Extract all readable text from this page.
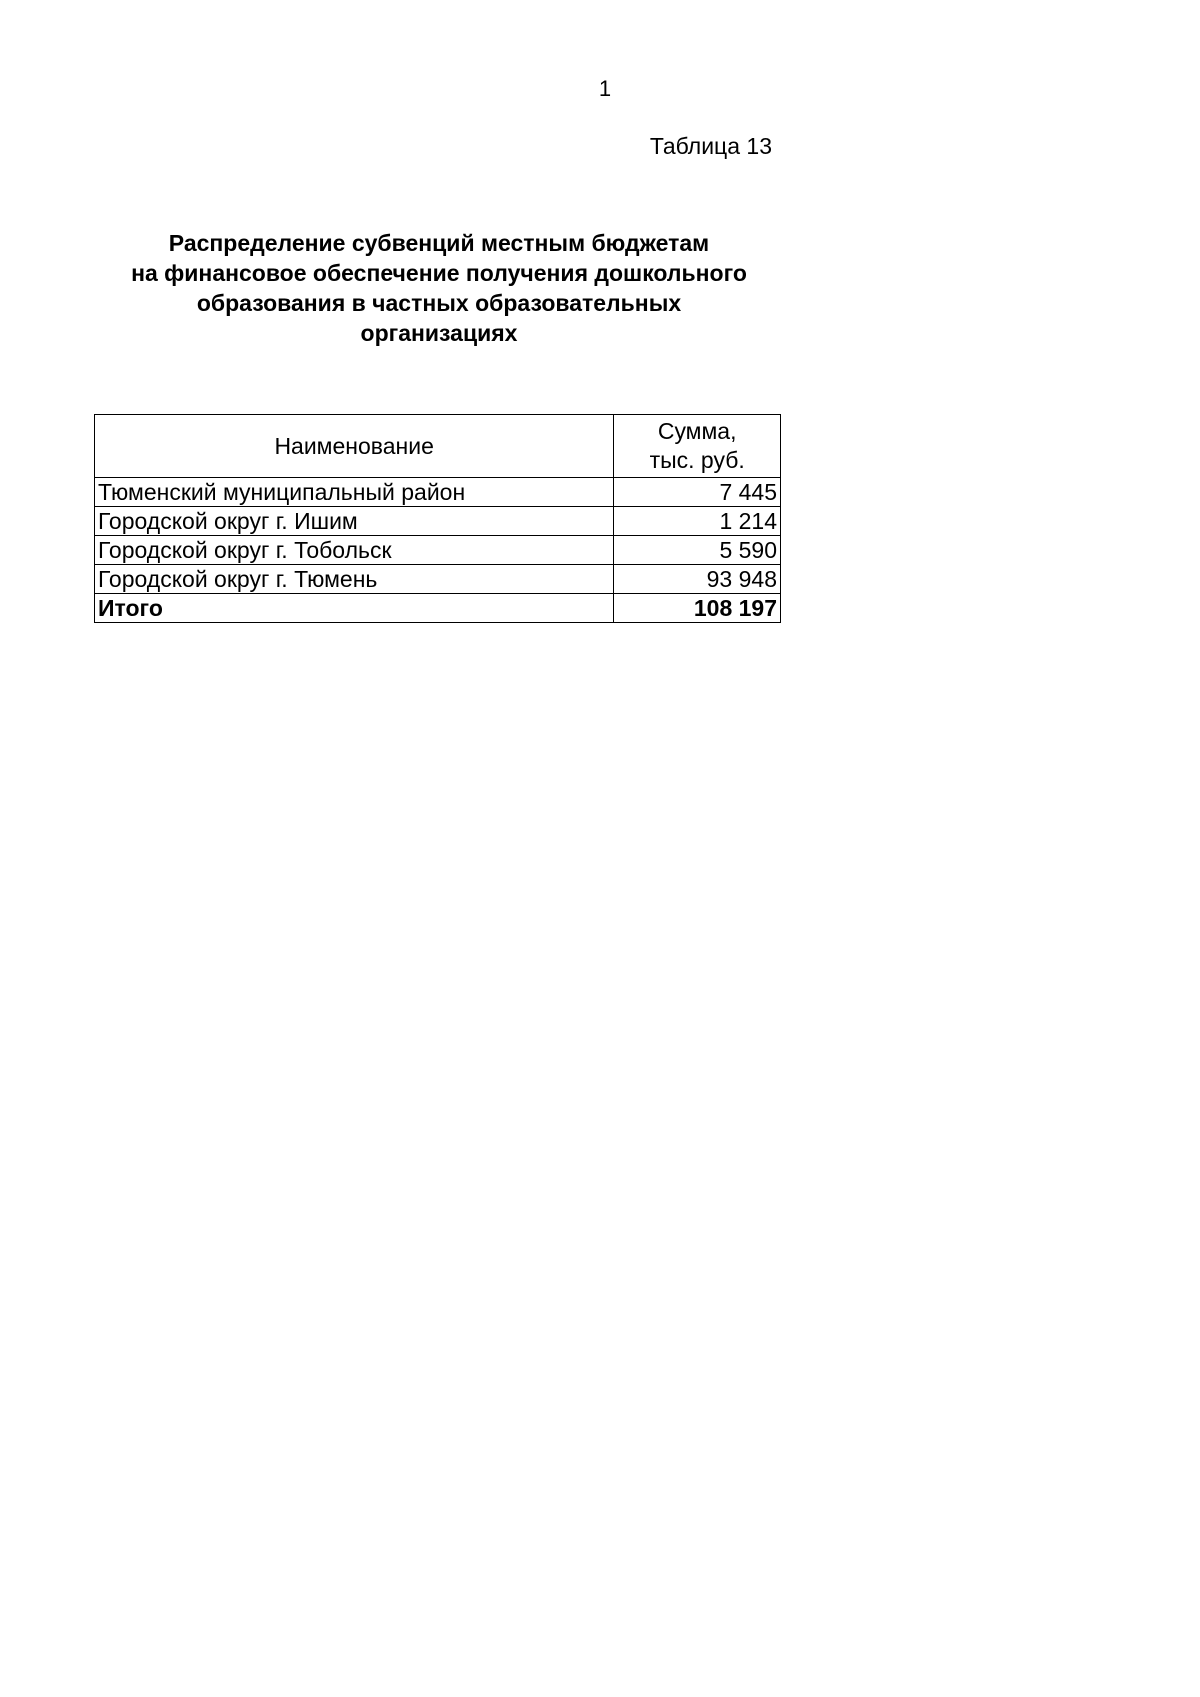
1
Таблица 13
Распределение субвенций местным бюджетам
на финансовое обеспечение получения дошкольного
образования в частных образовательных
организациях
Наименование	Сумма,
тыс. руб.

Тюменский муниципальный район	7 445
Городской округ г. Ишим	1 214
Городской округ г. Тобольск	5 590
Городской округ г. Тюмень	93 948
Итого	108 197
